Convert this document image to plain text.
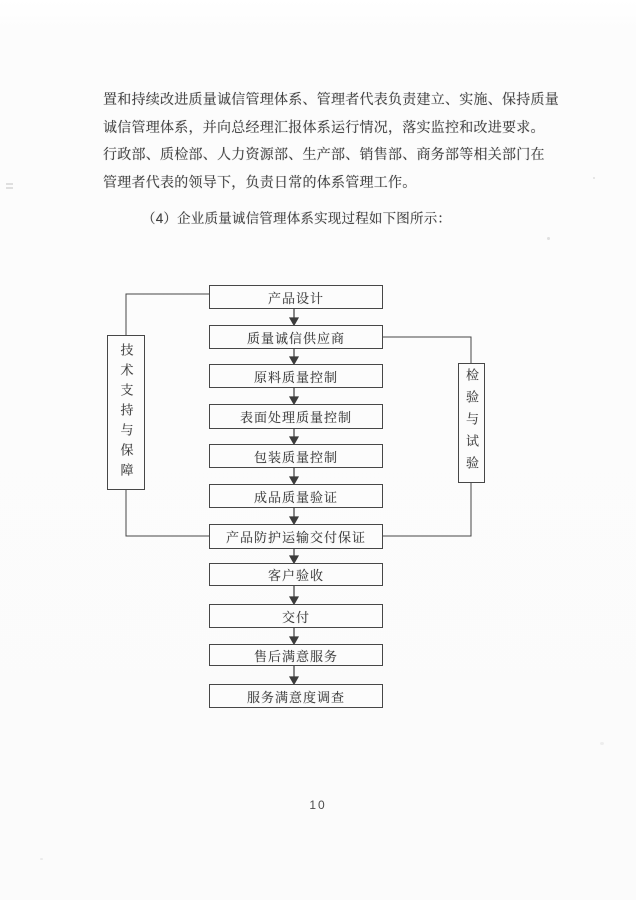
置和持续改进质量诚信管理体系、管理者代表负责建立、实施、保持质量
诚信管理体系，并向总经理汇报体系运行情况，落实监控和改进要求。
行政部、质检部、人力资源部、生产部、销售部、商务部等相关部门在
管理者代表的领导下，负责日常的体系管理工作。
（4）企业质量诚信管理体系实现过程如下图所示：
产品设计
质量诚信供应商
原料质量控制
表面处理质量控制
包装质量控制
成品质量验证
产品防护运输交付保证
客户验收
交付
售后满意服务
服务满意度调查
技术支持与保障	检验与试验
10
